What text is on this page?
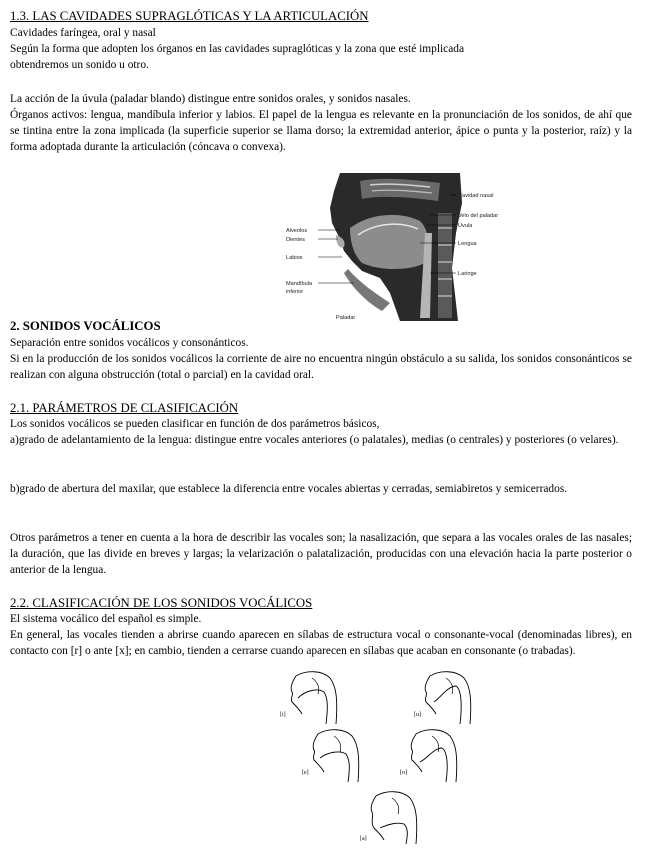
1.3. LAS CAVIDADES SUPRAGLÓTICAS Y LA ARTICULACIÓN
Cavidades faríngea, oral y nasal
Según la forma que adopten los órganos en las cavidades supraglóticas y la zona que esté implicada
obtendremos un sonido u otro.
La acción de la úvula (paladar blando) distingue entre sonidos orales, y sonidos nasales.

Órganos activos: lengua, mandíbula inferior y labios. El papel de la lengua es relevante en la pronunciación de los sonidos, de ahí que se tintina entre la zona implicada (la superficie superior se llama dorso; la extremidad anterior, ápice o punta y la posterior, raíz) y la forma adoptada durante la articulación (cóncava o convexa).

Cavidad nasal
Velo del paladar
Úvula
Lengua
Laringe
Alveolos
Dientes
Labios
Mandíbula
inferior
Paladar
2. SONIDOS VOCÁLICOS
Separación entre sonidos vocálicos y consonánticos.

Si en la producción de los sonidos vocálicos la corriente de aire no encuentra ningún obstáculo a su salida, los sonidos consonánticos se realizan con alguna obstrucción (total o parcial) en la cavidad oral.

2.1. PARÁMETROS DE CLASIFICACIÓN
Los sonidos vocálicos se pueden clasificar en función de dos parámetros básicos,

a)grado de adelantamiento de la lengua: distingue entre vocales anteriores (o palatales), medias (o centrales) y posteriores (o velares).

b)grado de abertura del maxilar, que establece la diferencia entre vocales abiertas y cerradas, semiabiretos y semicerrados.

Otros parámetros a tener en cuenta a la hora de describir las vocales son; la nasalización, que separa a las vocales orales de las nasales; la duración, que las divide en breves y largas; la velarización o palatalización, producidas con una elevación hacia la parte posterior o anterior de la lengua.

2.2. CLASIFICACIÓN DE LOS SONIDOS VOCÁLICOS
El sistema vocálico del español es simple.

En general, las vocales tienden a abrirse cuando aparecen en sílabas de estructura vocal o consonante-vocal (denominadas libres), en contacto con [r] o ante [x]; en cambio, tienden a cerrarse cuando aparecen en sílabas que acaban en consonante (o trabadas).

[i]	[u]
[e]	[o]
[a]
